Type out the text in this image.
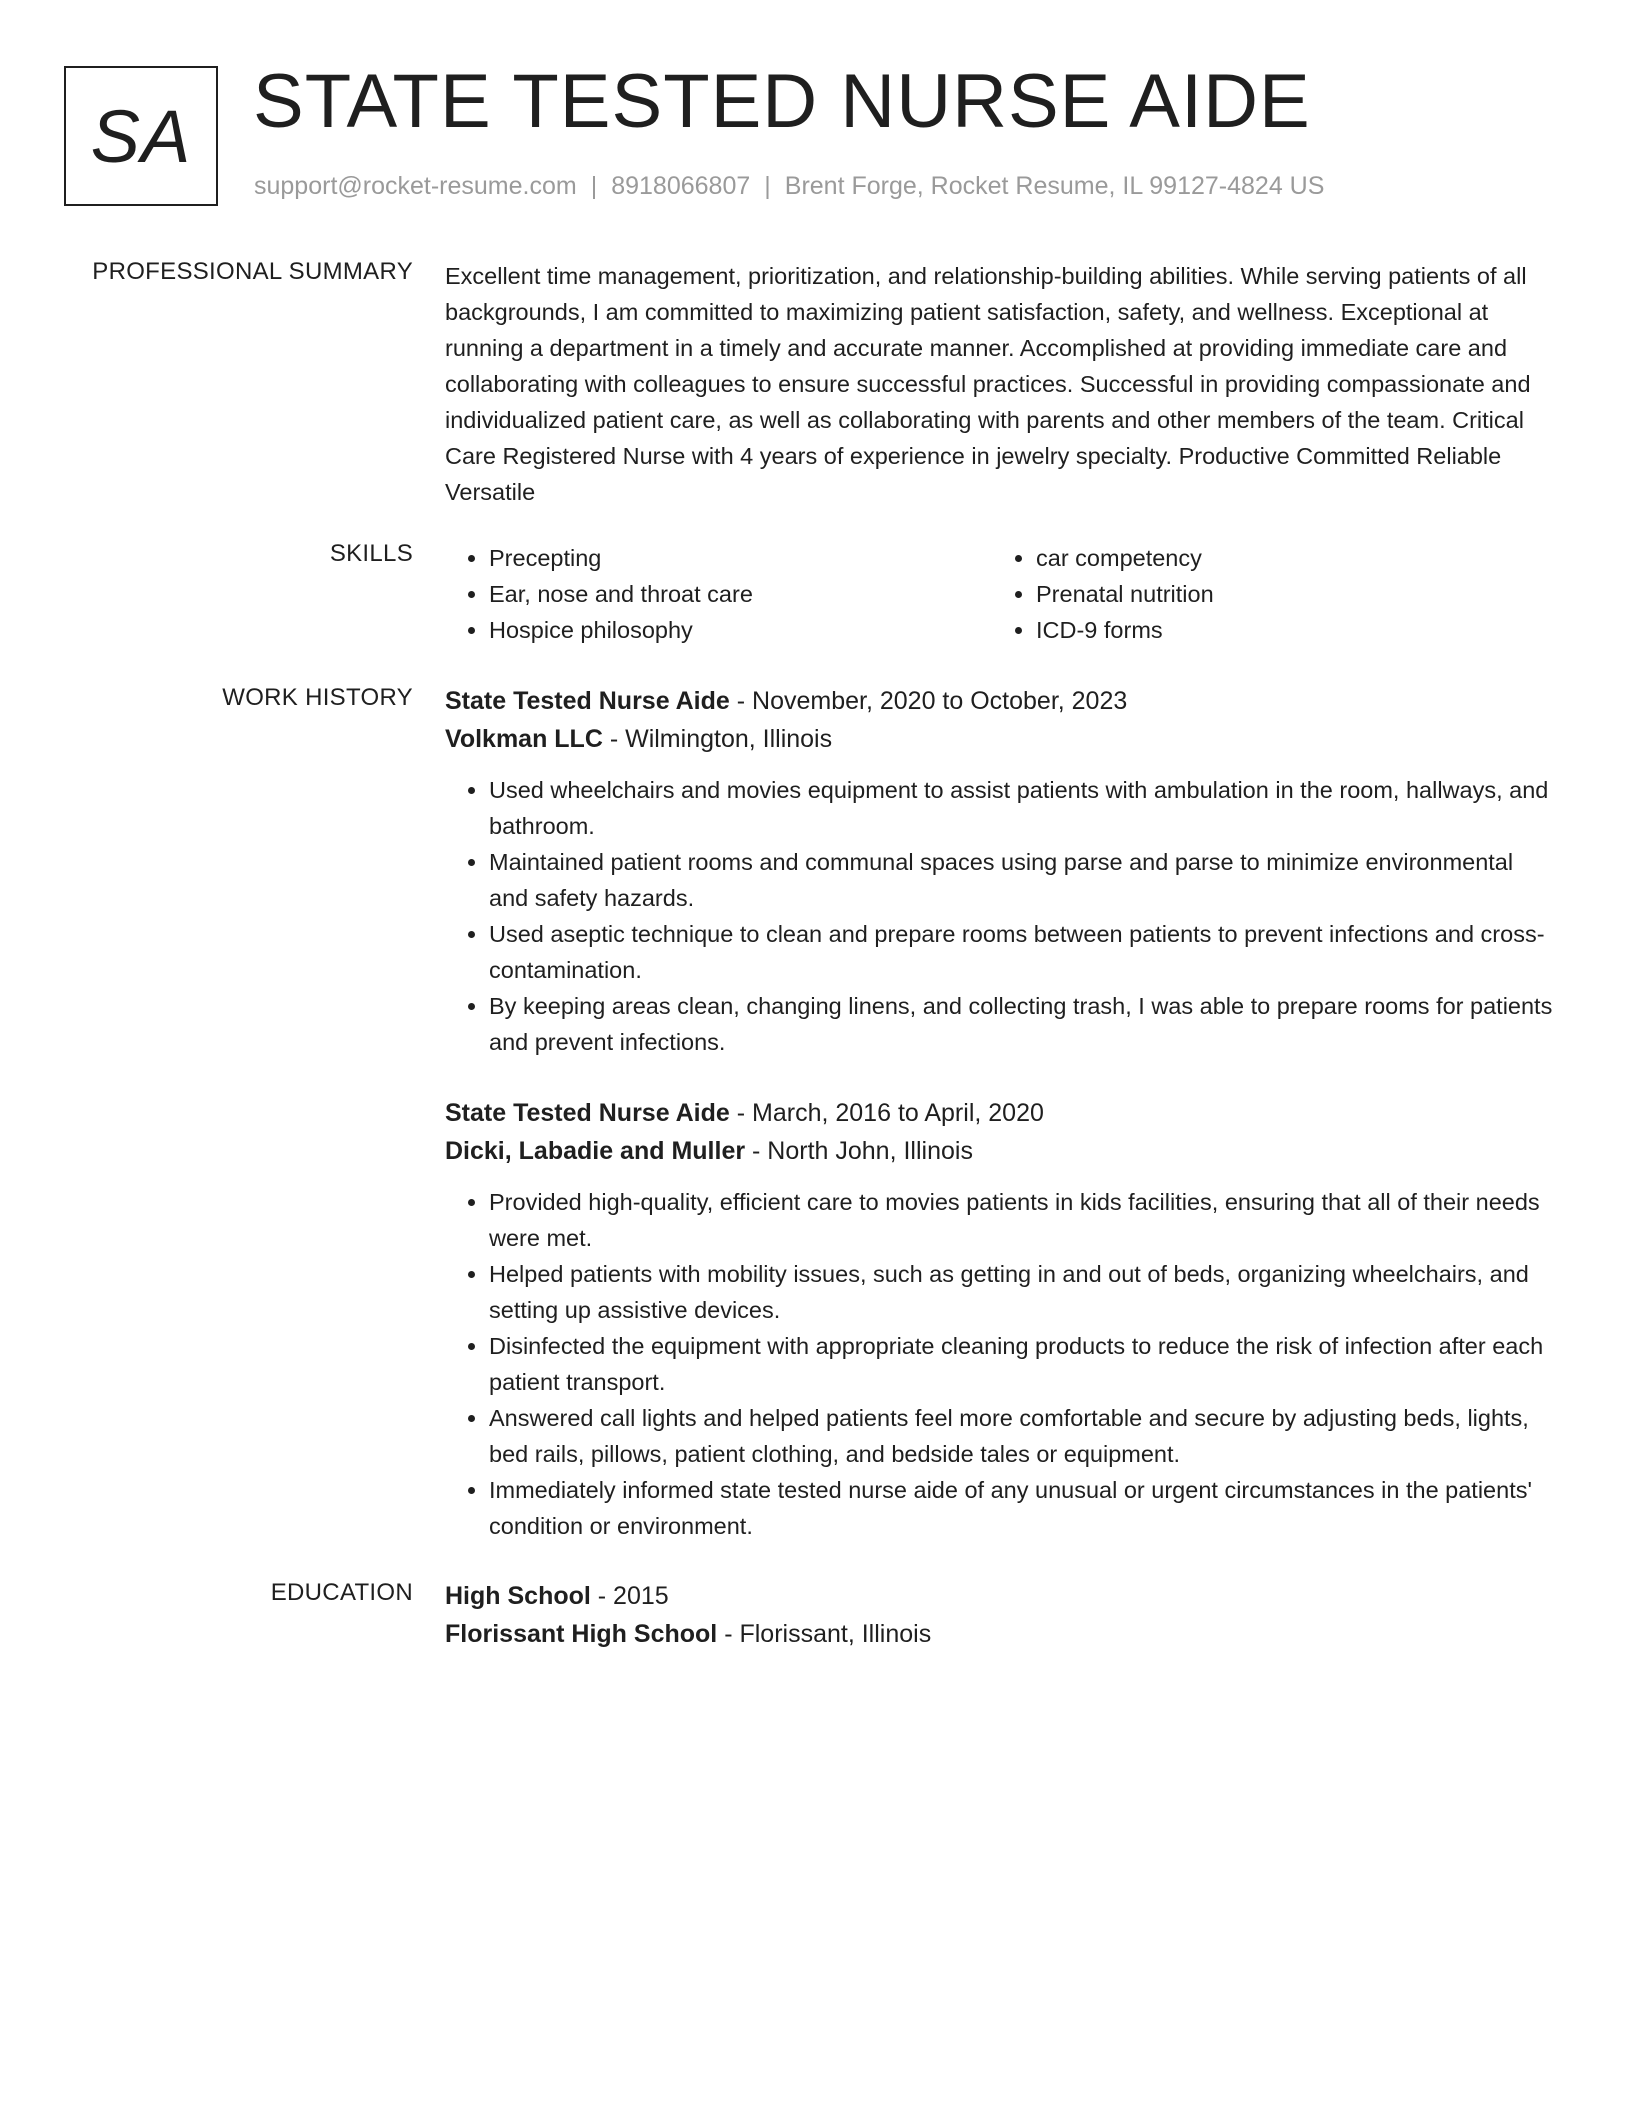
SA STATE TESTED NURSE AIDE
support@rocket-resume.com | 8918066807 | Brent Forge, Rocket Resume, IL 99127-4824 US
PROFESSIONAL SUMMARY Excellent time management, prioritization, and relationship-building abilities. While serving patients of all backgrounds, I am committed to maximizing patient satisfaction, safety, and wellness. Exceptional at running a department in a timely and accurate manner. Accomplished at providing immediate care and collaborating with colleagues to ensure successful practices. Successful in providing compassionate and individualized patient care, as well as collaborating with parents and other members of the team. Critical Care Registered Nurse with 4 years of experience in jewelry specialty. Productive Committed Reliable Versatile

SKILLS
•	Precepting
• Ear, nose and throat care
• Hospice philosophy
• car competency
• Prenatal nutrition
• ICD-9 forms
WORK HISTORY State Tested Nurse Aide - November, 2020 to October, 2023
Volkman LLC - Wilmington, Illinois
• Used wheelchairs and movies equipment to assist patients with ambulation in the room, hallways, and bathroom.
• Maintained patient rooms and communal spaces using parse and parse to minimize environmental and safety hazards.
• Used aseptic technique to clean and prepare rooms between patients to prevent infections and cross-contamination.
• By keeping areas clean, changing linens, and collecting trash, I was able to prepare rooms for patients and prevent infections.
State Tested Nurse Aide - March, 2016 to April, 2020
Dicki, Labadie and Muller - North John, Illinois
• Provided high-quality, efficient care to movies patients in kids facilities, ensuring that all of their needs were met.
• Helped patients with mobility issues, such as getting in and out of beds, organizing wheelchairs, and setting up assistive devices.
• Disinfected the equipment with appropriate cleaning products to reduce the risk of infection after each patient transport.
• Answered call lights and helped patients feel more comfortable and secure by adjusting beds, lights, bed rails, pillows, patient clothing, and bedside tales or equipment.
• Immediately informed state tested nurse aide of any unusual or urgent circumstances in the patients' condition or environment.
EDUCATION High School - 2015
Florissant High School - Florissant, Illinois
